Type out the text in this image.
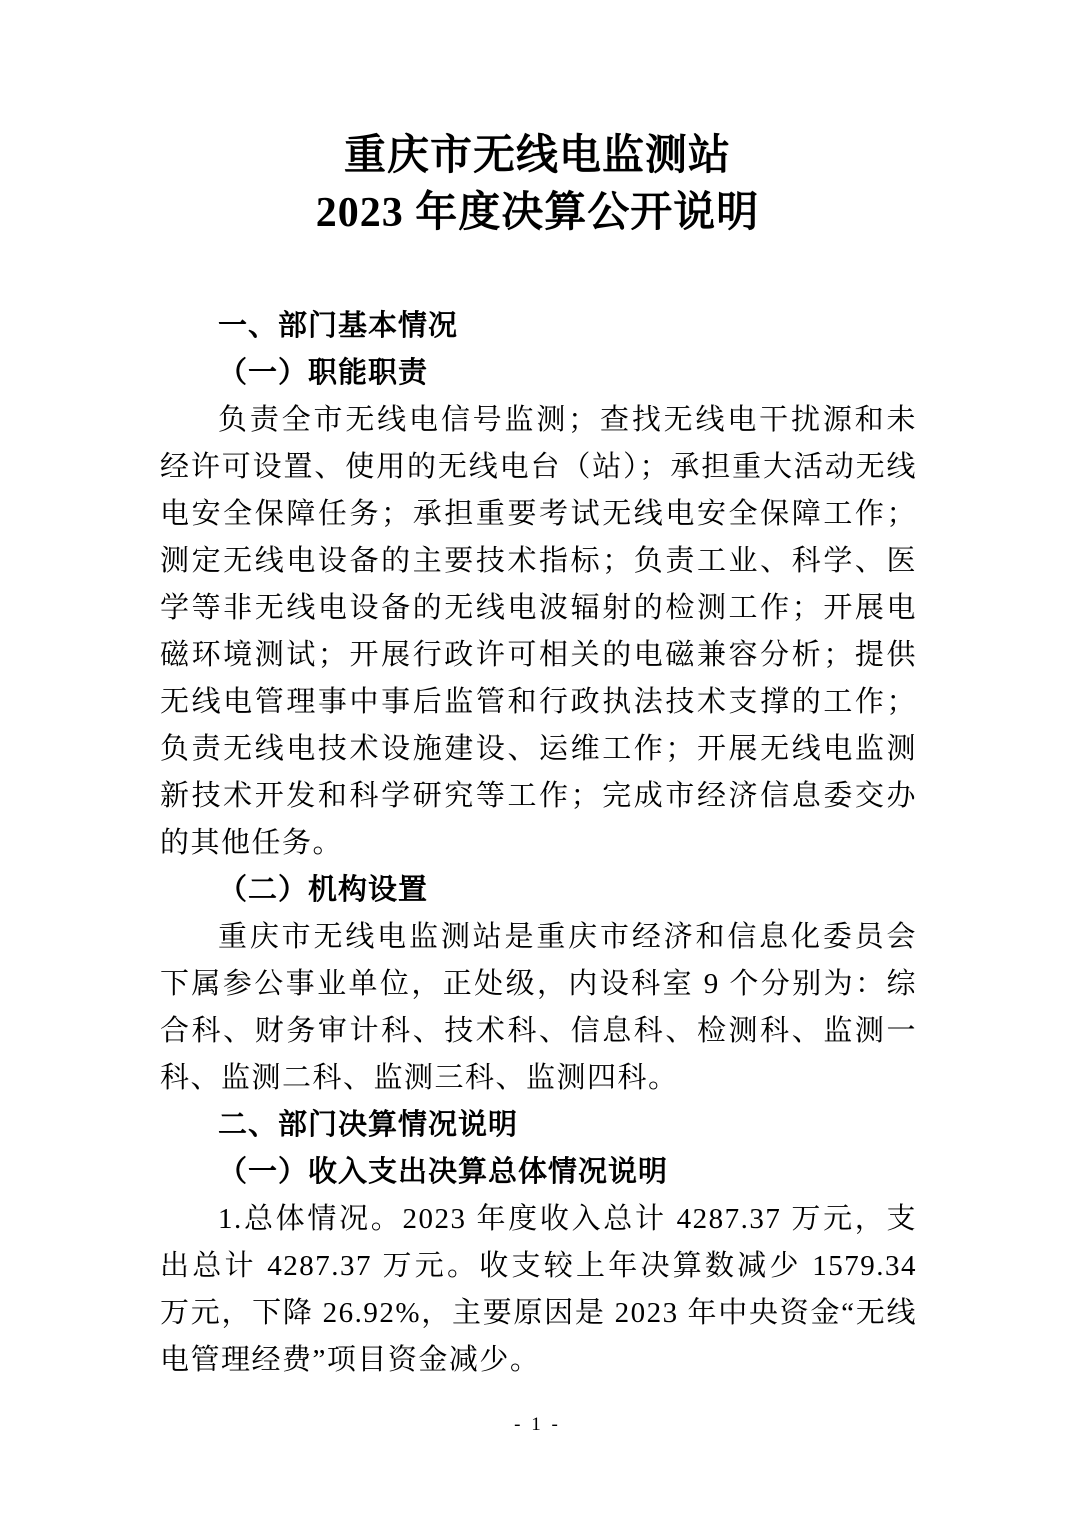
重庆市无线电监测站
2023 年度决算公开说明
一、部门基本情况
（一）职能职责
负责全市无线电信号监测；查找无线电干扰源和未经许可设置、使用的无线电台（站）；承担重大活动无线电安全保障任务；承担重要考试无线电安全保障工作；测定无线电设备的主要技术指标；负责工业、科学、医学等非无线电设备的无线电波辐射的检测工作；开展电磁环境测试；开展行政许可相关的电磁兼容分析；提供无线电管理事中事后监管和行政执法技术支撑的工作；负责无线电技术设施建设、运维工作；开展无线电监测新技术开发和科学研究等工作；完成市经济信息委交办的其他任务。
（二）机构设置
重庆市无线电监测站是重庆市经济和信息化委员会下属参公事业单位，正处级，内设科室 9 个分别为：综合科、财务审计科、技术科、信息科、检测科、监测一科、监测二科、监测三科、监测四科。
二、部门决算情况说明
（一）收入支出决算总体情况说明
1.总体情况。2023 年度收入总计 4287.37 万元，支出总计 4287.37 万元。收支较上年决算数减少 1579.34 万元，下降 26.92%，主要原因是 2023 年中央资金“无线电管理经费”项目资金减少。
- 1 -
